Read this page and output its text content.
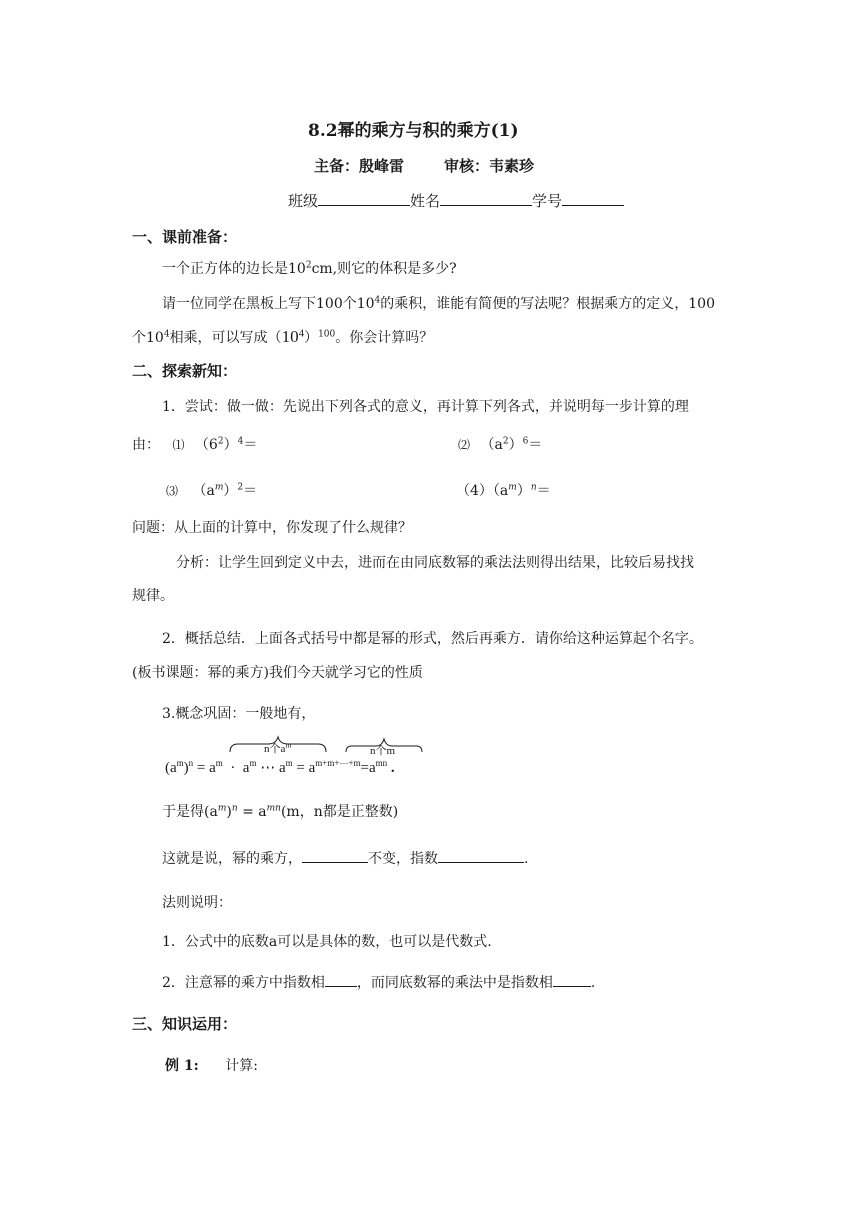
8.2幂的乘方与积的乘方(1)
主备：殷峰雷	审核：韦素珍
班级	姓名	学号
一、课前准备：
一个正方体的边长是$10^2cm$,则它的体积是多少?
请一位同学在黑板上写下100个$10^4$的乘积，谁能有简便的写法呢？根据乘方的定义，100
个$10^4$相乘，可以写成$(10^4)^{100}$。你会计算吗？
二、探索新知：
1．尝试：做一做：先说出下列各式的意义，再计算下列各式，并说明每一步计算的理
由： ⑴ $(6^2)^4=$	⑵ $(a^2)^6=$
⑶ $(a^m)^2=$	$(4)(a^m)^n=$
问题：从上面的计算中，你发现了什么规律？
分析：让学生回到定义中去，进而在由同底数幂的乘法法则得出结果，比较后易找找
规律。
2．概括总结．上面各式括号中都是幂的形式，然后再乘方．请你给这种运算起个名字。
(板书课题：幂的乘方)我们今天就学习它的性质
3.概念巩固：一般地有，
n个$a^m$
n个m
$(a^m)^n = a^m \cdot a^m$ ⋯ $a^m = a^{m+m+\cdots+m}=a^{mn}$ .
于是得$(a^m)^n = a^{mn}(m$，n都是正整数)
这就是说，幂的乘方，	不变，指数	.
法则说明：
1．公式中的底数a可以是具体的数，也可以是代数式.
2．注意幂的乘方中指数相 ，而同底数幂的乘法中是指数相	.
三、知识运用：
例 1: 计算:
